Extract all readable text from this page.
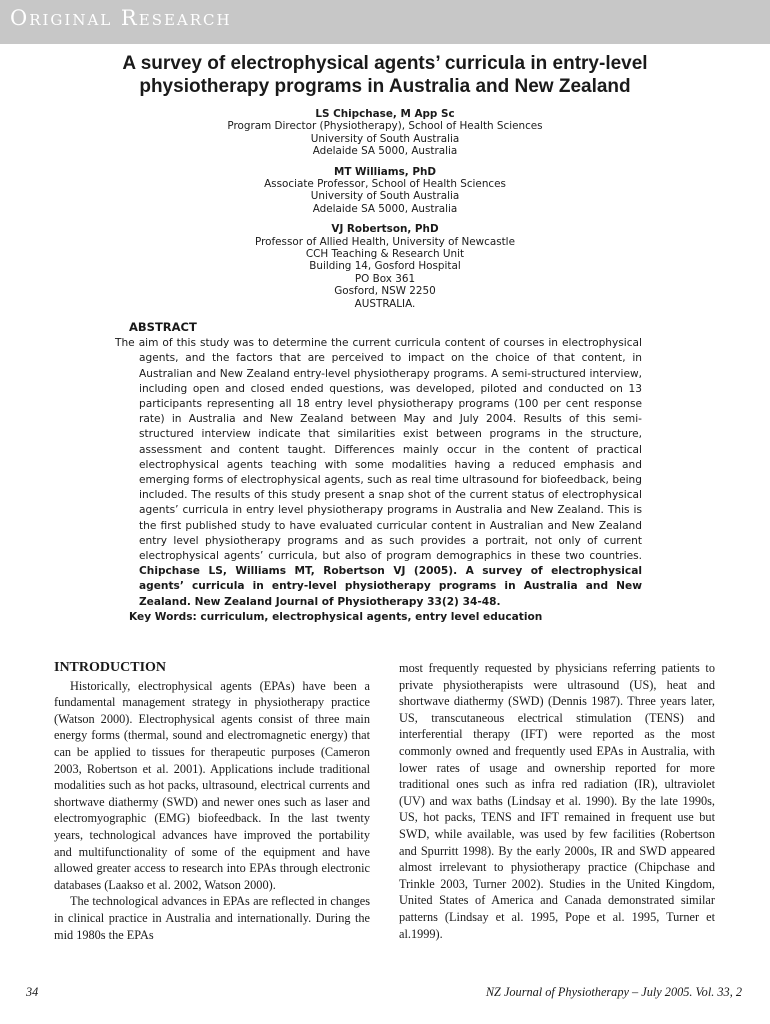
Original Research
A survey of electrophysical agents’ curricula in entry-level physiotherapy programs in Australia and New Zealand
LS Chipchase, M App Sc
Program Director (Physiotherapy), School of Health Sciences
University of South Australia
Adelaide SA 5000, Australia
MT Williams, PhD
Associate Professor, School of Health Sciences
University of South Australia
Adelaide SA 5000, Australia
VJ Robertson, PhD
Professor of Allied Health, University of Newcastle
CCH Teaching & Research Unit
Building 14, Gosford Hospital
PO Box 361
Gosford, NSW 2250
AUSTRALIA.
ABSTRACT
The aim of this study was to determine the current curricula content of courses in electrophysical agents, and the factors that are perceived to impact on the choice of that content, in Australian and New Zealand entry-level physiotherapy programs. A semi-structured interview, including open and closed ended questions, was developed, piloted and conducted on 13 participants representing all 18 entry level physiotherapy programs (100 per cent response rate) in Australia and New Zealand between May and July 2004. Results of this semi-structured interview indicate that similarities exist between programs in the structure, assessment and content taught. Differences mainly occur in the content of practical electrophysical agents teaching with some modalities having a reduced emphasis and emerging forms of electrophysical agents, such as real time ultrasound for biofeedback, being included. The results of this study present a snap shot of the current status of electrophysical agents’ curricula in entry level physiotherapy programs in Australia and New Zealand. This is the first published study to have evaluated curricular content in Australian and New Zealand entry level physiotherapy programs and as such provides a portrait, not only of current electrophysical agents’ curricula, but also of program demographics in these two countries. Chipchase LS, Williams MT, Robertson VJ (2005). A survey of electrophysical agents’ curricula in entry-level physiotherapy programs in Australia and New Zealand. New Zealand Journal of Physiotherapy 33(2) 34-48.
Key Words: curriculum, electrophysical agents, entry level education
INTRODUCTION

Historically, electrophysical agents (EPAs) have been a fundamental management strategy in physiotherapy practice (Watson 2000). Electrophysical agents consist of three main energy forms (thermal, sound and electromagnetic energy) that can be applied to tissues for therapeutic purposes (Cameron 2003, Robertson et al. 2001). Applications include traditional modalities such as hot packs, ultrasound, electrical currents and shortwave diathermy (SWD) and newer ones such as laser and electromyographic (EMG) biofeedback. In the last twenty years, technological advances have improved the portability and multifunctionality of some of the equipment and have allowed greater access to research into EPAs through electronic databases (Laakso et al. 2002, Watson 2000).

The technological advances in EPAs are reflected in changes in clinical practice in Australia and internationally. During the mid 1980s the EPAs

most frequently requested by physicians referring patients to private physiotherapists were ultrasound (US), heat and shortwave diathermy (SWD) (Dennis 1987). Three years later, US, transcutaneous electrical stimulation (TENS) and interferential therapy (IFT) were reported as the most commonly owned and frequently used EPAs in Australia, with lower rates of usage and ownership reported for more traditional ones such as infra red radiation (IR), ultraviolet (UV) and wax baths (Lindsay et al. 1990). By the late 1990s, US, hot packs, TENS and IFT remained in frequent use but SWD, while available, was used by few facilities (Robertson and Spurritt 1998). By the early 2000s, IR and SWD appeared almost irrelevant to physiotherapy practice (Chipchase and Trinkle 2003, Turner 2002). Studies in the United Kingdom, United States of America and Canada demonstrated similar patterns (Lindsay et al. 1995, Pope et al. 1995, Turner et al.1999).

34	NZ Journal of Physiotherapy – July 2005. Vol. 33, 2
